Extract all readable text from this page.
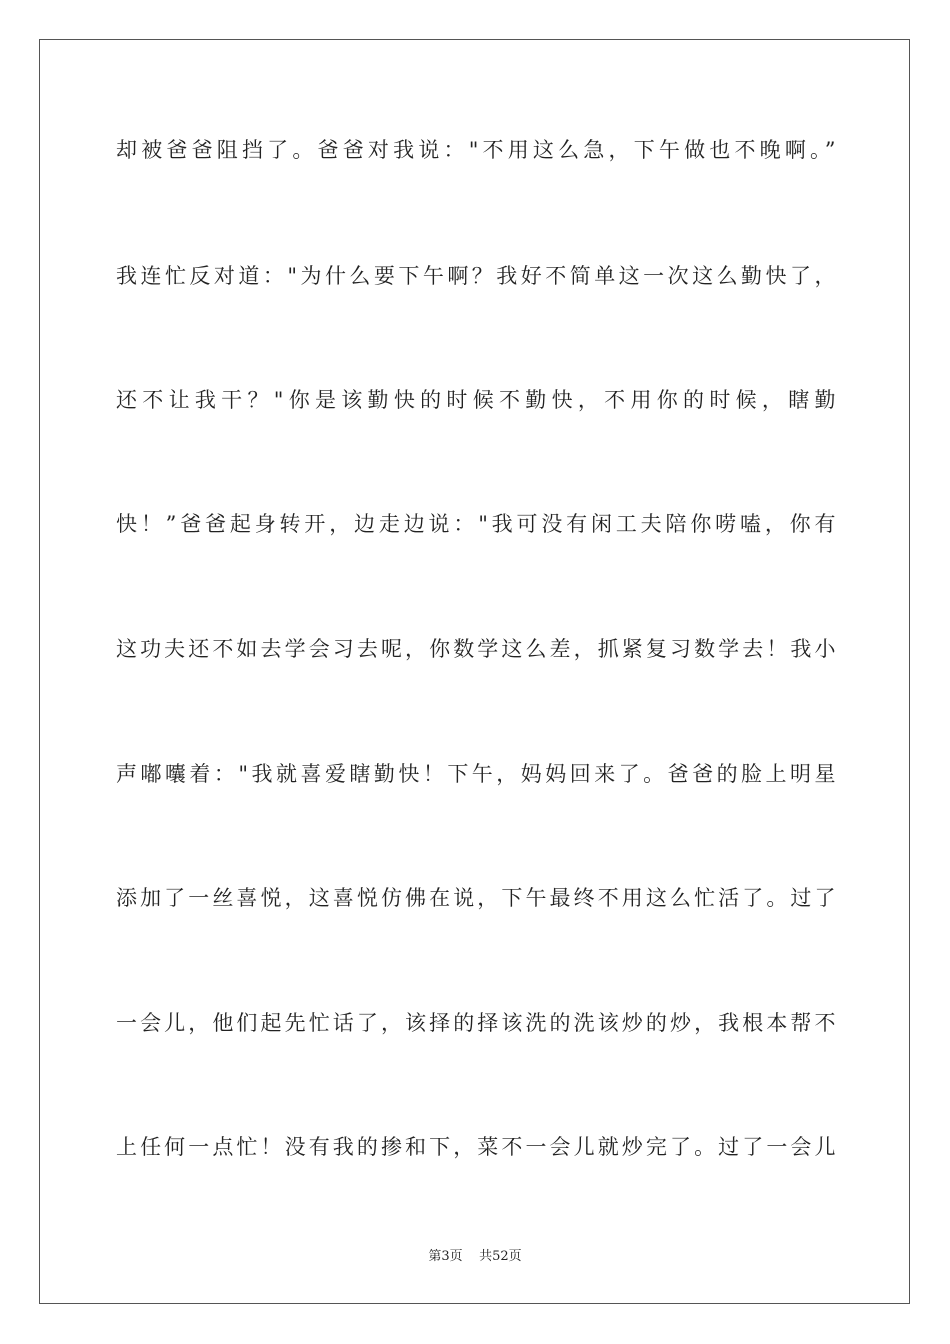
却被爸爸阻挡了。爸爸对我说："不用这么急，下午做也不晚啊。”
我连忙反对道："为什么要下午啊？我好不简单这一次这么勤快了，
还不让我干？"你是该勤快的时候不勤快，不用你的时候，瞎勤
快！”爸爸起身转开，边走边说："我可没有闲工夫陪你唠嗑，你有
这功夫还不如去学会习去呢，你数学这么差，抓紧复习数学去！我小
声嘟囔着："我就喜爱瞎勤快！下午，妈妈回来了。爸爸的脸上明星
添加了一丝喜悦，这喜悦仿佛在说，下午最终不用这么忙活了。过了
一会儿，他们起先忙话了，该择的择该洗的洗该炒的炒，我根本帮不
上任何一点忙！没有我的掺和下，菜不一会儿就炒完了。过了一会儿
第3页 共52页
